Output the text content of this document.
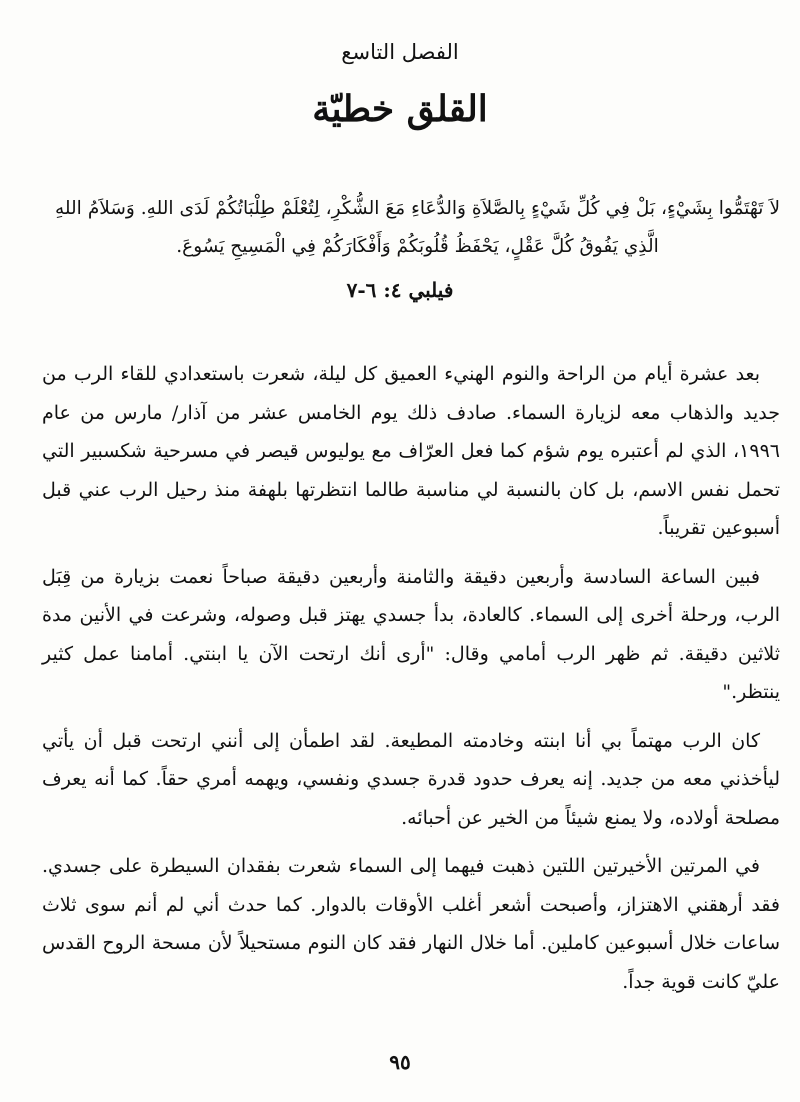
الفصل التاسع
القلق خطيّة
لاَ تَهْتَمُّوا بِشَيْءٍ، بَلْ فِي كُلِّ شَيْءٍ بِالصَّلاَةِ وَالدُّعَاءِ مَعَ الشُّكْرِ، لِتُعْلَمْ طِلْبَاتُكُمْ لَدَى اللهِ. وَسَلاَمُ اللهِ الَّذِي يَفُوقُ كُلَّ عَقْلٍ، يَحْفَظُ قُلُوبَكُمْ وَأَفْكَارَكُمْ فِي الْمَسِيحِ يَسُوعَ.
فيلبي ٤: ٦-٧

بعد عشرة أيام من الراحة والنوم الهنيء العميق كل ليلة، شعرت باستعدادي للقاء الرب من جديد والذهاب معه لزيارة السماء. صادف ذلك يوم الخامس عشر من آذار/ مارس من عام ١٩٩٦، الذي لم أعتبره يوم شؤم كما فعل العرّاف مع يوليوس قيصر في مسرحية شكسبير التي تحمل نفس الاسم، بل كان بالنسبة لي مناسبة طالما انتظرتها بلهفة منذ رحيل الرب عني قبل أسبوعين تقريباً.

فبين الساعة السادسة وأربعين دقيقة والثامنة وأربعين دقيقة صباحاً نعمت بزيارة من قِبَل الرب، ورحلة أخرى إلى السماء. كالعادة، بدأ جسدي يهتز قبل وصوله، وشرعت في الأنين مدة ثلاثين دقيقة. ثم ظهر الرب أمامي وقال: "أرى أنك ارتحت الآن يا ابنتي. أمامنا عمل كثير ينتظر."

كان الرب مهتماً بي أنا ابنته وخادمته المطيعة. لقد اطمأن إلى أنني ارتحت قبل أن يأتي ليأخذني معه من جديد. إنه يعرف حدود قدرة جسدي ونفسي، ويهمه أمري حقاً. كما أنه يعرف مصلحة أولاده، ولا يمنع شيئاً من الخير عن أحبائه.

في المرتين الأخيرتين اللتين ذهبت فيهما إلى السماء شعرت بفقدان السيطرة على جسدي. فقد أرهقني الاهتزاز، وأصبحت أشعر أغلب الأوقات بالدوار. كما حدث أني لم أنم سوى ثلاث ساعات خلال أسبوعين كاملين. أما خلال النهار فقد كان النوم مستحيلاً لأن مسحة الروح القدس عليّ كانت قوية جداً.

٩٥
